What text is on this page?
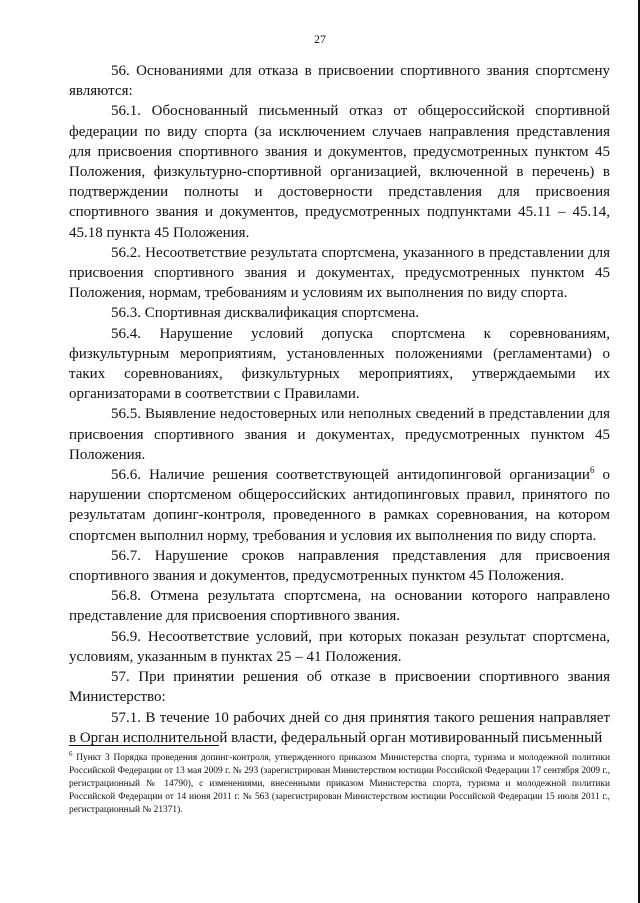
27

56. Основаниями для отказа в присвоении спортивного звания спортсмену являются:

56.1. Обоснованный письменный отказ от общероссийской спортивной федерации по виду спорта (за исключением случаев направления представления для присвоения спортивного звания и документов, предусмотренных пунктом 45 Положения, физкультурно-спортивной организацией, включенной в перечень) в подтверждении полноты и достоверности представления для присвоения спортивного звания и документов, предусмотренных подпунктами 45.11 – 45.14, 45.18 пункта 45 Положения.

56.2. Несоответствие результата спортсмена, указанного в представлении для присвоения спортивного звания и документах, предусмотренных пунктом 45 Положения, нормам, требованиям и условиям их выполнения по виду спорта.

56.3. Спортивная дисквалификация спортсмена.

56.4. Нарушение условий допуска спортсмена к соревнованиям, физкультурным мероприятиям, установленных положениями (регламентами) о таких соревнованиях, физкультурных мероприятиях, утверждаемыми их организаторами в соответствии с Правилами.

56.5. Выявление недостоверных или неполных сведений в представлении для присвоения спортивного звания и документах, предусмотренных пунктом 45 Положения.

56.6. Наличие решения соответствующей антидопинговой организации$^6$ о нарушении спортсменом общероссийских антидопинговых правил, принятого по результатам допинг-контроля, проведенного в рамках соревнования, на котором спортсмен выполнил норму, требования и условия их выполнения по виду спорта.

56.7. Нарушение сроков направления представления для присвоения спортивного звания и документов, предусмотренных пунктом 45 Положения.

56.8. Отмена результата спортсмена, на основании которого направлено представление для присвоения спортивного звания.

56.9. Несоответствие условий, при которых показан результат спортсмена, условиям, указанным в пунктах 25 – 41 Положения.

57. При принятии решения об отказе в присвоении спортивного звания Министерство:

57.1. В течение 10 рабочих дней со дня принятия такого решения направляет в Орган исполнительной власти, федеральный орган мотивированный письменный

$^6$ Пункт 3 Порядка проведения допинг-контроля, утвержденного приказом Министерства спорта, туризма и молодежной политики Российской Федерации от 13 мая 2009 г. № 293 (зарегистрирован Министерством юстиции Российской Федерации 17 сентября 2009 г., регистрационный № 14790), с изменениями, внесенными приказом Министерства спорта, туризма и молодежной политики Российской Федерации от 14 июня 2011 г. № 563 (зарегистрирован Министерством юстиции Российской Федерации 15 июля 2011 г., регистрационный № 21371).
